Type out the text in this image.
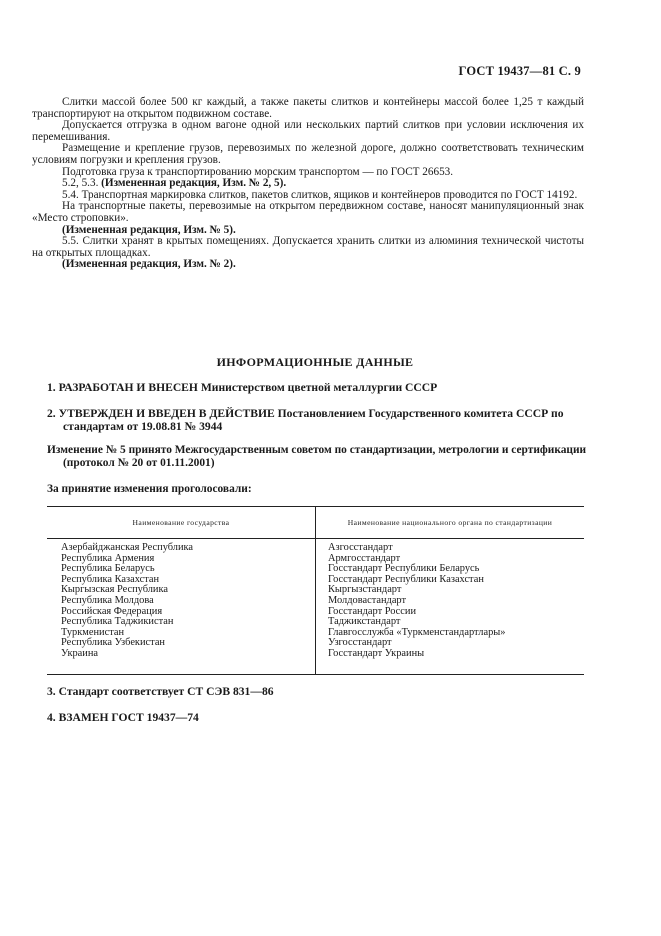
ГОСТ 19437—81 С. 9

Слитки массой более 500 кг каждый, а также пакеты слитков и контейнеры массой более 1,25 т каждый транспортируют на открытом подвижном составе.

Допускается отгрузка в одном вагоне одной или нескольких партий слитков при условии исключения их перемешивания.

Размещение и крепление грузов, перевозимых по железной дороге, должно соответствовать техническим условиям погрузки и крепления грузов.

Подготовка груза к транспортированию морским транспортом — по ГОСТ 26653.

5.2, 5.3. (Измененная редакция, Изм. № 2, 5).

5.4. Транспортная маркировка слитков, пакетов слитков, ящиков и контейнеров проводится по ГОСТ 14192.

На транспортные пакеты, перевозимые на открытом передвижном составе, наносят манипуляционный знак «Место строповки».

(Измененная редакция, Изм. № 5).

5.5. Слитки хранят в крытых помещениях. Допускается хранить слитки из алюминия технической чистоты на открытых площадках.

(Измененная редакция, Изм. № 2).

ИНФОРМАЦИОННЫЕ ДАННЫЕ
1. РАЗРАБОТАН И ВНЕСЕН Министерством цветной металлургии СССР
2. УТВЕРЖДЕН И ВВЕДЕН В ДЕЙСТВИЕ Постановлением Государственного комитета СССР по
стандартам от 19.08.81 № 3944
Изменение № 5 принято Межгосударственным советом по стандартизации, метрологии и сертификации
(протокол № 20 от 01.11.2001)
За принятие изменения проголосовали:
Наименование государства	Наименование национального органа по стандартизации
Азербайджанская Республика
Республика Армения
Республика Беларусь
Республика Казахстан
Кыргызская Республика
Республика Молдова
Российская Федерация
Республика Таджикистан
Туркменистан
Республика Узбекистан
Украина
Азгосстандарт
Армгосстандарт
Госстандарт Республики Беларусь
Госстандарт Республики Казахстан
Кыргызстандарт
Молдовастандарт
Госстандарт России
Таджикстандарт
Главгосслужба «Туркменстандартлары»
Узгосстандарт
Госстандарт Украины
3. Стандарт соответствует СТ СЭВ 831—86
4. ВЗАМЕН ГОСТ 19437—74
